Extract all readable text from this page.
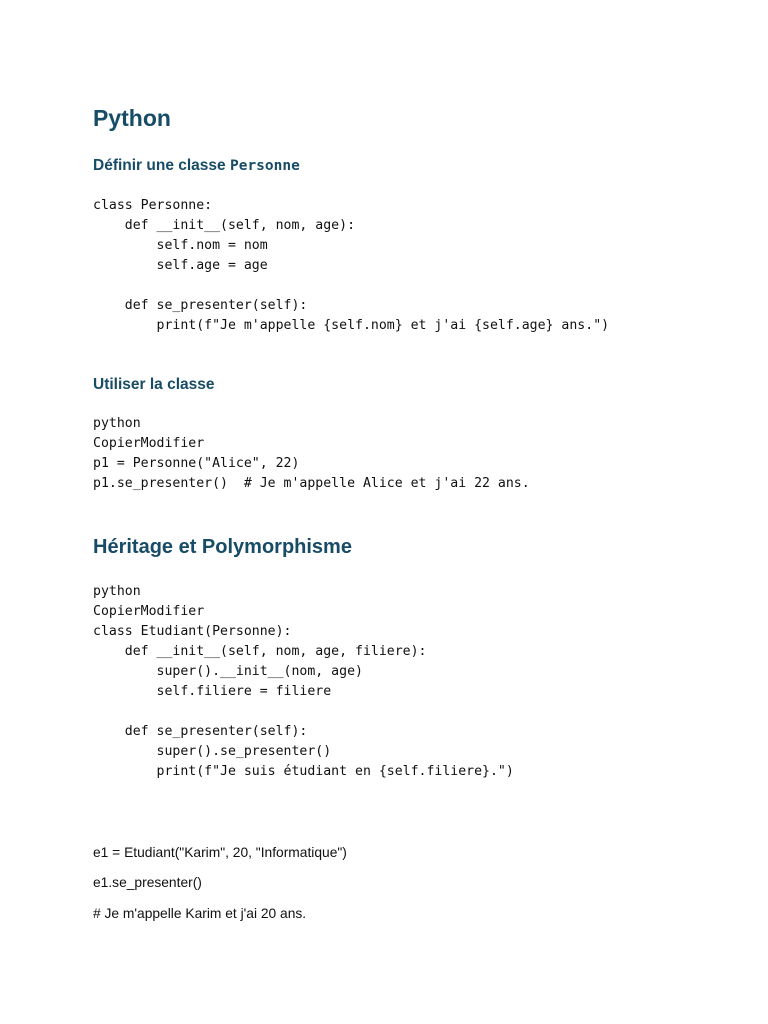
Python
Définir une classe Personne
class Personne:
def __init__(self, nom, age):
self.nom = nom
self.age = age
def se_presenter(self):
print(f"Je m'appelle {self.nom} et j'ai {self.age} ans.")
Utiliser la classe
python
CopierModifier
p1 = Personne("Alice", 22)
p1.se_presenter()  # Je m'appelle Alice et j'ai 22 ans.
Héritage et Polymorphisme
python
CopierModifier
class Etudiant(Personne):
def __init__(self, nom, age, filiere):
super().__init__(nom, age)
self.filiere = filiere
def se_presenter(self):
super().se_presenter()
print(f"Je suis étudiant en {self.filiere}.")

e1 = Etudiant("Karim", 20, "Informatique")

e1.se_presenter()

# Je m'appelle Karim et j'ai 20 ans.
